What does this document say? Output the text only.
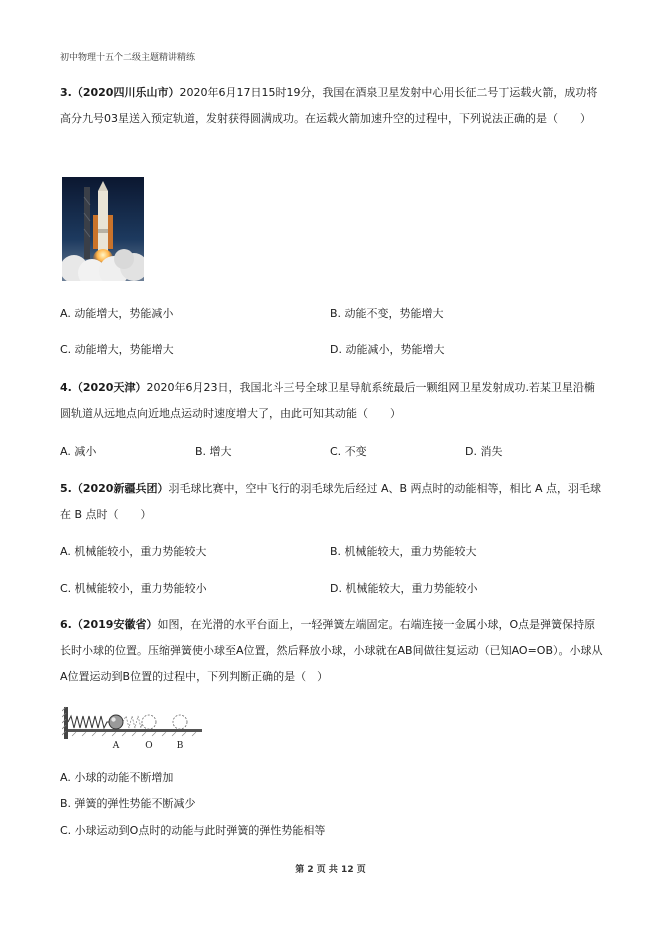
初中物理十五个二级主题精讲精练
3.（2020四川乐山市）2020年6月17日15时19分，我国在酒泉卫星发射中心用长征二号丁运载火箭，成功将高分九号03星送入预定轨道，发射获得圆满成功。在运载火箭加速升空的过程中，下列说法正确的是（　　）
A. 动能增大，势能减小	B. 动能不变，势能增大
C. 动能增大，势能增大	D. 动能减小，势能增大
4.（2020天津）2020年6月23日，我国北斗三号全球卫星导航系统最后一颗组网卫星发射成功.若某卫星沿椭圆轨道从远地点向近地点运动时速度增大了，由此可知其动能（　　）
A. 减小	B. 增大	C. 不变	D. 消失
5.（2020新疆兵团）羽毛球比赛中，空中飞行的羽毛球先后经过 A、B 两点时的动能相等，相比 A 点，羽毛球在 B 点时（　　）
A. 机械能较小，重力势能较大	B. 机械能较大，重力势能较大
C. 机械能较小，重力势能较小	D. 机械能较大，重力势能较小
6.（2019安徽省）如图，在光滑的水平台面上，一轻弹簧左端固定。右端连接一金属小球，O点是弹簧保持原长时小球的位置。压缩弹簧使小球至A位置，然后释放小球，小球就在AB间做往复运动（已知AO=OB）。小球从A位置运动到B位置的过程中，下列判断正确的是（　）
A	O	B
A. 小球的动能不断增加
B. 弹簧的弹性势能不断减少
C. 小球运动到O点时的动能与此时弹簧的弹性势能相等
第 2 页 共 12 页
